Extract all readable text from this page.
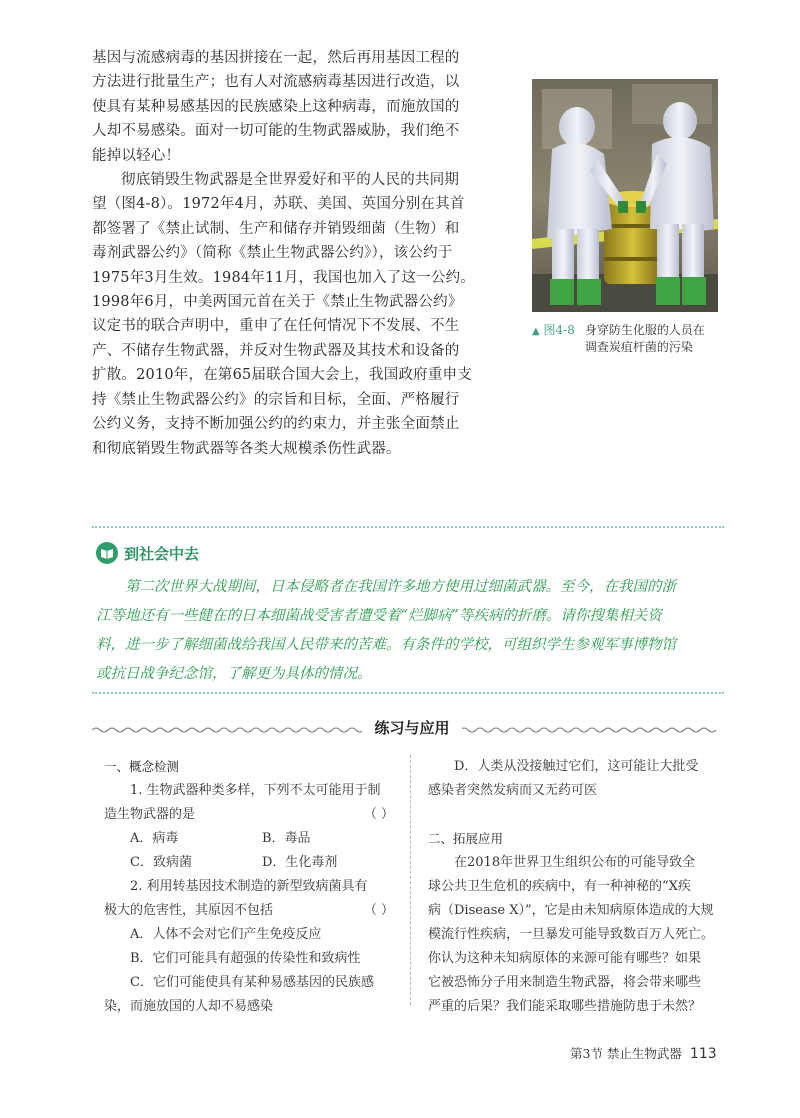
基因与流感病毒的基因拼接在一起，然后再用基因工程的
方法进行批量生产；也有人对流感病毒基因进行改造，以
使具有某种易感基因的民族感染上这种病毒，而施放国的
人却不易感染。面对一切可能的生物武器威胁，我们绝不
能掉以轻心！

彻底销毁生物武器是全世界爱好和平的人民的共同期
望（图4-8）。1972年4月，苏联、美国、英国分别在其首
都签署了《禁止试制、生产和储存并销毁细菌（生物）和
毒剂武器公约》（简称《禁止生物武器公约》），该公约于
1975年3月生效。1984年11月，我国也加入了这一公约。
1998年6月，中美两国元首在关于《禁止生物武器公约》
议定书的联合声明中，重申了在任何情况下不发展、不生
产、不储存生物武器，并反对生物武器及其技术和设备的
扩散。2010年，在第65届联合国大会上，我国政府重申支
持《禁止生物武器公约》的宗旨和目标，全面、严格履行
公约义务，支持不断加强公约的约束力，并主张全面禁止
和彻底销毁生物武器等各类大规模杀伤性武器。

▲ 图4-8 身穿防生化服的人员在
调查炭疽杆菌的污染
到社会中去
第二次世界大战期间，日本侵略者在我国许多地方使用过细菌武器。至今，在我国的浙
江等地还有一些健在的日本细菌战受害者遭受着“烂脚病”等疾病的折磨。请你搜集相关资
料，进一步了解细菌战给我国人民带来的苦难。有条件的学校，可组织学生参观军事博物馆
或抗日战争纪念馆，了解更为具体的情况。
练习与应用
一、概念检测
1. 生物武器种类多样，下列不太可能用于制
造生物武器的是	（ ）
A．病毒	B．毒品
C．致病菌	D．生化毒剂
2. 利用转基因技术制造的新型致病菌具有
极大的危害性，其原因不包括	（ ）
A．人体不会对它们产生免疫反应
B．它们可能具有超强的传染性和致病性
C．它们可能使具有某种易感基因的民族感
染，而施放国的人却不易感染
D．人类从没接触过它们，这可能让大批受
感染者突然发病而又无药可医

二、拓展应用
在2018年世界卫生组织公布的可能导致全
球公共卫生危机的疾病中，有一种神秘的“X疾
病（Disease X）”，它是由未知病原体造成的大规
模流行性疾病，一旦暴发可能导致数百万人死亡。
你认为这种未知病原体的来源可能有哪些？如果
它被恐怖分子用来制造生物武器，将会带来哪些
严重的后果？我们能采取哪些措施防患于未然？
第3节 禁止生物武器 113
